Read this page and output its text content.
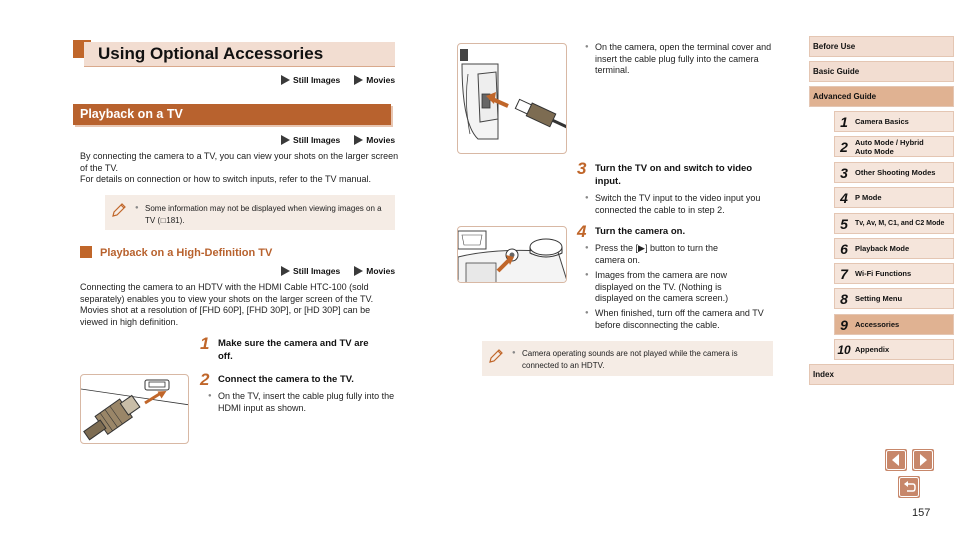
Using Optional Accessories
Still Images	Movies
Playback on a TV
Still Images	Movies
By connecting the camera to a TV, you can view your shots on the larger screen of the TV.
For details on connection or how to switch inputs, refer to the TV manual.
● Some information may not be displayed when viewing images on a TV ( □ 181).
Playback on a High-Definition TV
Still Images	Movies
Connecting the camera to an HDTV with the HDMI Cable HTC-100 (sold separately) enables you to view your shots on the larger screen of the TV. Movies shot at a resolution of [FHD 60P], [FHD 30P], or [HD 30P] can be viewed in high definition.
1 Make sure the camera and TV are off.
2 Connect the camera to the TV.
● On the TV, insert the cable plug fully into the HDMI input as shown.
● On the camera, open the terminal cover and insert the cable plug fully into the camera terminal.
3 Turn the TV on and switch to video input.
● Switch the TV input to the video input you connected the cable to in step 2.
4 Turn the camera on.
● Press the [▶] button to turn the camera on.
● Images from the camera are now displayed on the TV. (Nothing is displayed on the camera screen.)
● When finished, turn off the camera and TV before disconnecting the cable.
● Camera operating sounds are not played while the camera is connected to an HDTV.
Before Use
Basic Guide
Advanced Guide
1 Camera Basics
2 Auto Mode / Hybrid Auto Mode
3 Other Shooting Modes
4 P Mode
5	Tv, Av, M, C1, and C2 Mode
6 Playback Mode
7 Wi-Fi Functions
8 Setting Menu
9 Accessories
10 Appendix
Index
157
